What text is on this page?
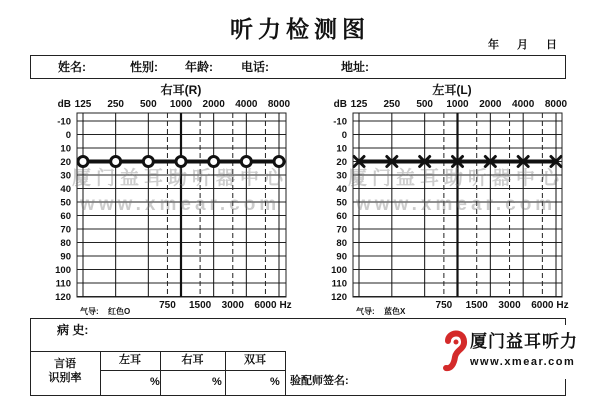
听力检测图
年 月 日
姓名:	性别: 年龄: 电话:	地址:
右耳(R)
dB
-10
0
10
20
30
40
50
60
70
80
90
100
110
120
125 250 500 1000 2000 4000 8000
750 1500 3000 6000 Hz
气导: 红色O
左耳(L)
dB
-10
0
10
20
30
40
50
60
70
80
90
100
110
120
125 250 500 1000 2000 4000 8000
750 1500 3000 6000 Hz
气导: 蓝色X
厦门益耳助听器中心
www.xmear.com
厦门益耳助听器中心
www.xmear.com
病 史:
言语
识别率
左耳	右耳	双耳
%	%	% 验配师签名:
厦门益耳听力
www.xmear.com
